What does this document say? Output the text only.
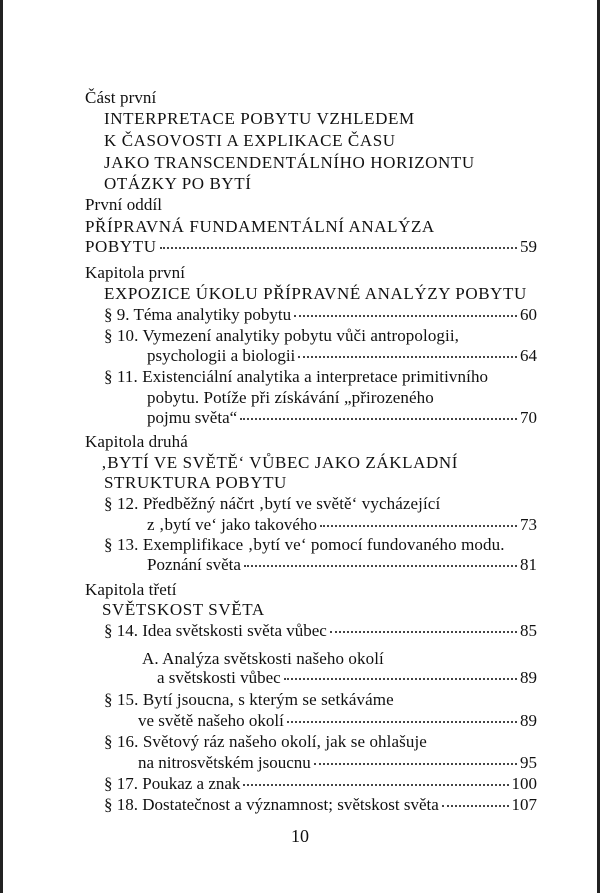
Část první
INTERPRETACE POBYTU VZHLEDEM
K ČASOVOSTI A EXPLIKACE ČASU
JAKO TRANSCENDENTÁLNÍHO HORIZONTU
OTÁZKY PO BYTÍ
První oddíl
PŘÍPRAVNÁ FUNDAMENTÁLNÍ ANALÝZA
POBYTU	59
Kapitola první
EXPOZICE ÚKOLU PŘÍPRAVNÉ ANALÝZY POBYTU
§ 9. Téma analytiky pobytu	60
§ 10. Vymezení analytiky pobytu vůči antropologii,
psychologii a biologii	64
§ 11. Existenciální analytika a interpretace primitivního
pobytu. Potíže při získávání „přirozeného
pojmu světa“	70
Kapitola druhá
‚BYTÍ VE SVĚTĚ‘ VŮBEC JAKO ZÁKLADNÍ
STRUKTURA POBYTU
§ 12. Předběžný náčrt ‚bytí ve světě‘ vycházející
z ‚bytí ve‘ jako takového	73
§ 13. Exemplifikace ‚bytí ve‘ pomocí fundovaného modu.
Poznání světa	81
Kapitola třetí
SVĚTSKOST SVĚTA
§ 14. Idea světskosti světa vůbec	85
A. Analýza světskosti našeho okolí
a světskosti vůbec	89
§ 15. Bytí jsoucna, s kterým se setkáváme
ve světě našeho okolí	89
§ 16. Světový ráz našeho okolí, jak se ohlašuje
na nitrosvětském jsoucnu	95
§ 17. Poukaz a znak	100
§ 18. Dostatečnost a významnost; světskost světa	107
10
